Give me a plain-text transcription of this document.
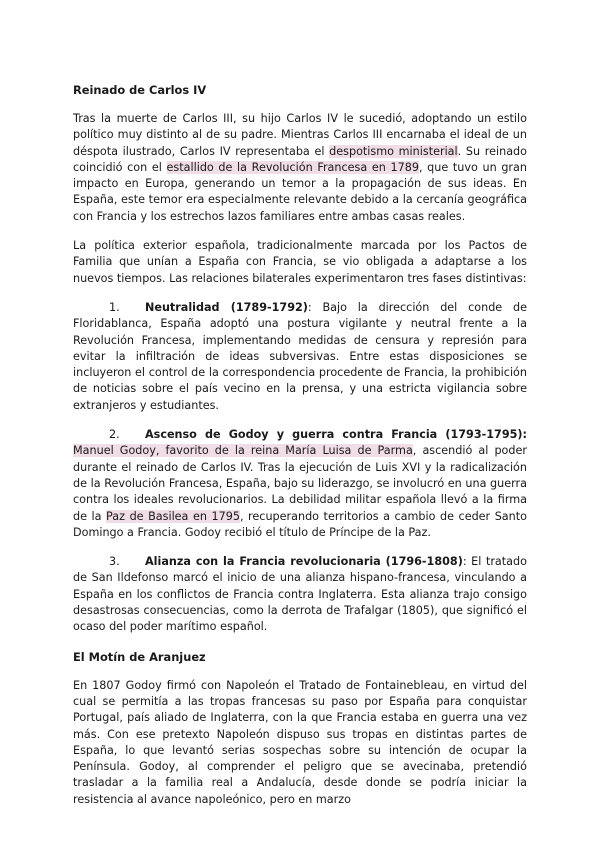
Reinado de Carlos IV

Tras la muerte de Carlos III, su hijo Carlos IV le sucedió, adoptando un estilo político muy distinto al de su padre. Mientras Carlos III encarnaba el ideal de un déspota ilustrado, Carlos IV representaba el despotismo ministerial. Su reinado coincidió con el estallido de la Revolución Francesa en 1789, que tuvo un gran impacto en Europa, generando un temor a la propagación de sus ideas. En España, este temor era especialmente relevante debido a la cercanía geográfica con Francia y los estrechos lazos familiares entre ambas casas reales.

La política exterior española, tradicionalmente marcada por los Pactos de Familia que unían a España con Francia, se vio obligada a adaptarse a los nuevos tiempos. Las relaciones bilaterales experimentaron tres fases distintivas:

1. Neutralidad (1789-1792): Bajo la dirección del conde de Floridablanca, España adoptó una postura vigilante y neutral frente a la Revolución Francesa, implementando medidas de censura y represión para evitar la infiltración de ideas subversivas. Entre estas disposiciones se incluyeron el control de la correspondencia procedente de Francia, la prohibición de noticias sobre el país vecino en la prensa, y una estricta vigilancia sobre extranjeros y estudiantes.
2. Ascenso de Godoy y guerra contra Francia (1793-1795): Manuel Godoy, favorito de la reina María Luisa de Parma, ascendió al poder durante el reinado de Carlos IV. Tras la ejecución de Luis XVI y la radicalización de la Revolución Francesa, España, bajo su liderazgo, se involucró en una guerra contra los ideales revolucionarios. La debilidad militar española llevó a la firma de la Paz de Basilea en 1795, recuperando territorios a cambio de ceder Santo Domingo a Francia. Godoy recibió el título de Príncipe de la Paz.
3. Alianza con la Francia revolucionaria (1796-1808): El tratado de San Ildefonso marcó el inicio de una alianza hispano-francesa, vinculando a España en los conflictos de Francia contra Inglaterra. Esta alianza trajo consigo desastrosas consecuencias, como la derrota de Trafalgar (1805), que significó el ocaso del poder marítimo español.
El Motín de Aranjuez

En 1807 Godoy firmó con Napoleón el Tratado de Fontainebleau, en virtud del cual se permitía a las tropas francesas su paso por España para conquistar Portugal, país aliado de Inglaterra, con la que Francia estaba en guerra una vez más. Con ese pretexto Napoleón dispuso sus tropas en distintas partes de España, lo que levantó serias sospechas sobre su intención de ocupar la Península. Godoy, al comprender el peligro que se avecinaba, pretendió trasladar a la familia real a Andalucía, desde donde se podría iniciar la resistencia al avance napoleónico, pero en marzo
